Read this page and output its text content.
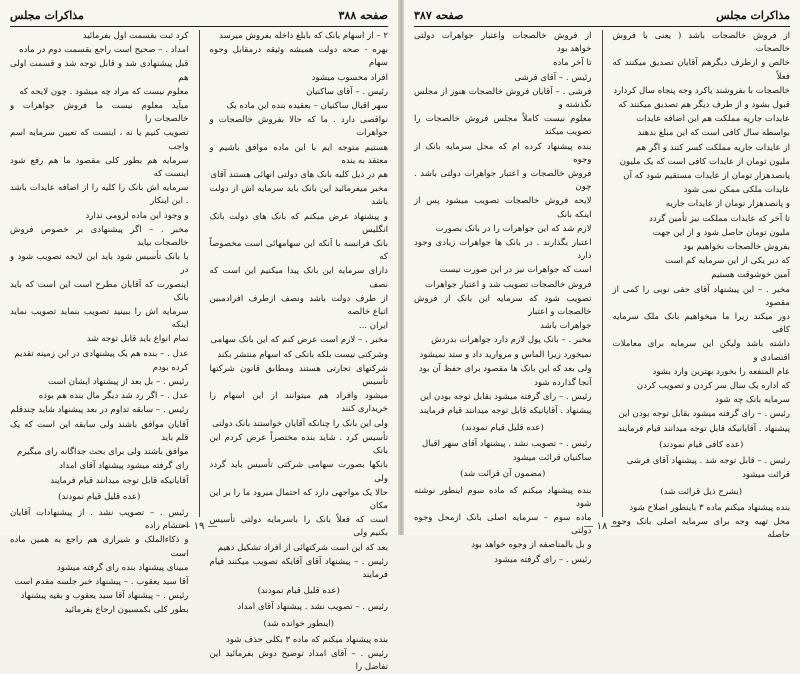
صفحه ۳۸۸
مذاکرات مجلس

۲ – از اسهام بانک که بابلغ داخله بفروش میرسد

بهره - صحه دولت همیشه وثیقه درمقابل وجوه سهام

افراد محسوب میشود

رئیس . – آقای ساکنیان

سهر اقبال ساکنیان – بعقیده بنده این ماده یک

نواقصی دارد . ما که حالا بفروش خالصجات و جواهرات

هستیم متوجه ایم با این ماده موافق باشیم و معتقد به بنده

هم در ذیل کلیه بانک های دولتی انهائی هستند آقای

مخبر میفرمائید این بانک باید سرمایه اش از دولت باشد

و پیشنهاد عرض میکنم که بانک های دولت بانک انگلیس

بانک فرانسه با آنکه این سهامهائی است مخصوصاً که

دارای سرمایه این بانک پیدا میکنیم این است که نصف

از طرف دولت باشد ونصف ازطرف افرادمبین اتباع خالصه

ایران ...

مخبر . – لازم است عرض کنم که این بانک سهامی

وشرکتی نیست بلکه بانکی که اسهام منتشر بکند

شرکتهای تجارتی هستند ومطابق قانون شرکتها تأسیس

میشود وافراد هم میتوانند از این اسهام را خریداری کنند

ولی این بانک را چنانکه آقایان خواستند بانک دولتی

تأسیس کرد . شاید بنده مختصراً عرض کردم این بانک

بانکها بصورت سهامی شرکتی تأسیس باید گردد ولی

حالا یک مواجهی دارد که احتمال میرود ما را بر این مکان

است که فعلاً بانک را باسرمایه دولتی تأسیس بکنیم ولی

بعد که این است شرکتهائی از افراد تشکیل دهیم

رئیس . – پیشنهاد آقای آقایکه تصویب میکنند قیام فرمایند

(عده قلیل قیام نمودند)

رئیس . – تصویب نشد . پیشنهاد آقای امداد

(اینطور خوانده شد)

بنده پیشنهاد میکنم که ماده ۳ بکلی حذف شود

رئیس . – آقای امداد توضیح دوش بفرمائید این تفاضل را

کرد ثبت بقسمت اول بفرمائید

امداد . – صحیح است راجع بقسمت دوم در ماده

قبل پیشنهادی شد و قابل توجه شد و قسمت اولی هم

معلوم نیست که مراد چه میشود . چون لایحه که

میآید معلوم نیست ما فروش جواهرات و خالصجات را

تصویب کنیم یا نه ، اینست که تعیین سرمایه اسم واجب

سرمایه هم بطور کلی مقصود ما هم رفع شود اینست که

سرمایه اش بانک را کلیه را از اضافه عایدات باشد . این اینکار

و وجود این ماده لزومی ندارد

مخبر . – اگر پیشنهادی بر خصوص فروش خالصجات بیاید

با بانک تأسیس شود باید این لایحه تصویب شود و در

اینصورت که آقایان مطرح است این است که باید بانک

سرمایه اش را ببینید تصویب بنماید تصویب نماید اینکه

تمام انواع باید قابل توجه شد

عدل . – بنده هم یک پیشنهادی در این زمینه تقدیم

کرده بودم

رئیس . – بل بعد از پیشنهاد ایشان است

عدل . – اگر رد شد دیگر مال بنده هم بوده

رئیس . – سابقه تداوم در بعد پیشنهاد شاید چندقلم

آقایان موافق باشند ولی سابقه این است که یک قلم باید

موافق باشند ولی برای بحث جداگانه رای میگیرم

رای گرفته میشود پیشنهاد آقای امداد

آقایانیکه قابل توجه میدانند قیام فرمایند

(عده قلیل قیام نمودند)

رئیس . – تصویب نشد . از پیشنهادات آقایان احتشام زاده

و ذکاءالملک و شیرازی هم راجع به همین ماده است

مبینای پیشنهاد بنده رای گرفته میشود

آقا سید یعقوب . – پیشنهاد خبر جلسه مقدم است

رئیس . – پیشنهاد آقا سید یعقوب و بقیه پیشنهاد

بطور کلی بکمسیون ارجاع بفرمائید

— ۱۹ —
مذاکرات مجلس
صفحه ۳۸۷

از فروش خالصجات باشد ( یعنی با فروش خالصجات

خالص و ازطرف دیگرهم آقایان تصدیق میکنند که فعلاً

خالصجات با بفروشند یاکرد وجه پنجاه سال کردارد

قبول بشود و از طرف دیگر هم تصدیق میکنند که

عایدات جاریه مملکت هم این اضافه عایدات

بواسطه سال کافی است که این مبلغ بدهند

از عایدات جاریه مملکت کسر کنند و اگر هم

ملیون تومان از عایدات کافی است که یک ملیون

پانصدهزار تومان از عایدات مستقیم شود که آن

عایدات ملکی ممکن نمی شود

و پانصدهزار تومان از عایدات جاریه

تا آخر که عایدات مملکت نیز تأمین گردد

ملیون تومان حاصل شود و از این جهت

بفروش خالصجات نخواهیم بود

که دیر یکی از این سرمایه کم است

آمین خوشوقت هستیم

مخبر . – این پیشنهاد آقای حقی نوبی را کمی از مقصود

دور میکند زیرا ما میخواهیم بانک ملک سرمایه کافی

داشته باشد ولیکن این سرمایه برای معاملات اقتصادی و

عام المنفعه را بخورد بهترین وارد بشود

که اداره یک سال سر کردن و تصویب کردن

سرمایه بانک چه شود

رئیس . – رای گرفته میشود بقابل توجه بودن این

پیشنهاد . آقایانیکه قابل توجه میدانند قیام فرمایند

(عده کافی قیام نمودند)

رئیس . – قابل توجه شد . پیشنهاد آقای فرشی

قرائت میشود

(بشرح ذیل قرائت شد)

بنده پیشنهاد میکنم ماده ۳ باینطور اصلاح شود

محل تهیه وجه برای سرمایه اصلی بانک وجوه حاصله

از فروش خالصجات واعتبار جواهرات دولتی خواهد بود

تا آخر ماده

رئیس . – آقای فرشی

فرشی . – آقایان فروش خالصجات هنوز از مجلس نگذشته و

معلوم نیست کاملاً مجلس فروش خالصجات را تصویب میکند

بنده پیشنهاد کرده ام که محل سرمایه بانک از وجوه

فروش خالصجات و اعتبار جواهرات دولتی باشد . چون

لایحه فروش خالصجات تصویب میشود پس از اینکه بانک

لازم شد که این جواهرات را در بانک بصورت

اعتبار بگذارند . در بانک ها جواهرات زیادی وجود دارد

است که جواهرات نیز در این صورت نیست

فروش خالصجات تصویب شد و اعتبار جواهرات

تصویب شود که سرمایه این بانک از فروش خالصجات و اعتبار

جواهرات باشد

مخبر . – بانک پول لازم دارد جواهرات بدردش

نمیخورد زیرا الماس و مروارید داد و ستد نمیشود

ولی بعد که این بانک ها مقصود برای حفظ آن بود

آنجا گذارده شود

رئیس . – رای گرفته میشود بقابل توجه بودن این

پیشنهاد . آقایانیکه قابل توجه میدانند قیام فرمایند

(عده قلیل قیام نمودند)

رئیس . – تصویب نشد . پیشنهاد آقای سهر اقبال

ساکنیان قرائت میشود

(مضمون آن قرائت شد)

بنده پیشنهاد میکنم که ماده سوم اینطور نوشته شود

ماده سوم – سرمایه اصلی بانک ازمحل وجوه دولتی

و بل بالمناصفه از وجوه خواهد بود

رئیس . – رای گرفته میشود

— ۱۸ —
